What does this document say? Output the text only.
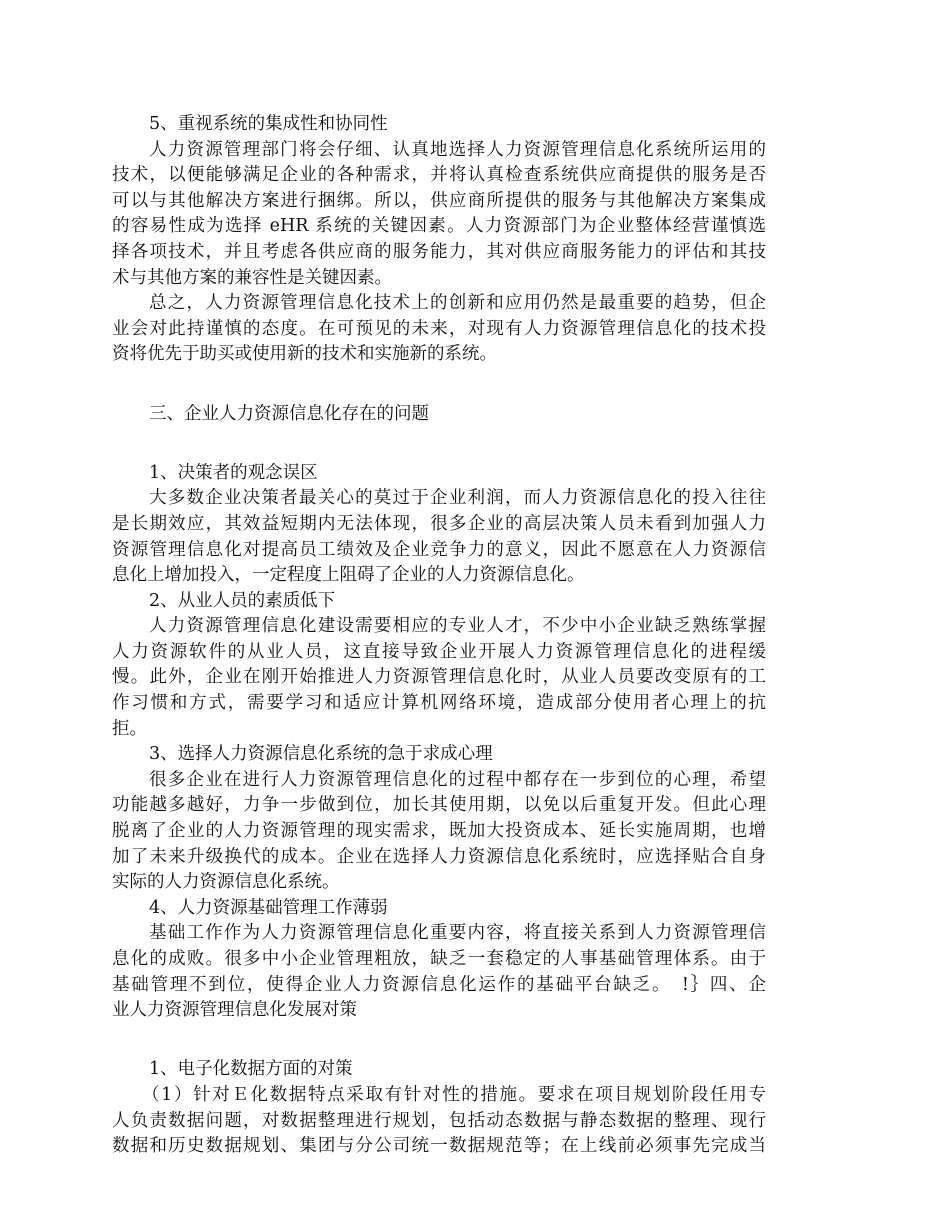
5、重视系统的集成性和协同性
人力资源管理部门将会仔细、认真地选择人力资源管理信息化系统所运用的
技术，以便能够满足企业的各种需求，并将认真检查系统供应商提供的服务是否
可以与其他解决方案进行捆绑。所以，供应商所提供的服务与其他解决方案集成
的容易性成为选择 eHR 系统的关键因素。人力资源部门为企业整体经营谨慎选
择各项技术，并且考虑各供应商的服务能力，其对供应商服务能力的评估和其技
术与其他方案的兼容性是关键因素。
总之，人力资源管理信息化技术上的创新和应用仍然是最重要的趋势，但企
业会对此持谨慎的态度。在可预见的未来，对现有人力资源管理信息化的技术投
资将优先于助买或使用新的技术和实施新的系统。
三、企业人力资源信息化存在的问题
1、决策者的观念误区
大多数企业决策者最关心的莫过于企业利润，而人力资源信息化的投入往往
是长期效应，其效益短期内无法体现，很多企业的高层决策人员未看到加强人力
资源管理信息化对提高员工绩效及企业竞争力的意义，因此不愿意在人力资源信
息化上增加投入，一定程度上阻碍了企业的人力资源信息化。
2、从业人员的素质低下
人力资源管理信息化建设需要相应的专业人才，不少中小企业缺乏熟练掌握
人力资源软件的从业人员，这直接导致企业开展人力资源管理信息化的进程缓
慢。此外，企业在刚开始推进人力资源管理信息化时，从业人员要改变原有的工
作习惯和方式，需要学习和适应计算机网络环境，造成部分使用者心理上的抗
拒。
3、选择人力资源信息化系统的急于求成心理
很多企业在进行人力资源管理信息化的过程中都存在一步到位的心理，希望
功能越多越好，力争一步做到位，加长其使用期，以免以后重复开发。但此心理
脱离了企业的人力资源管理的现实需求，既加大投资成本、延长实施周期，也增
加了未来升级换代的成本。企业在选择人力资源信息化系统时，应选择贴合自身
实际的人力资源信息化系统。
4、人力资源基础管理工作薄弱
基础工作作为人力资源管理信息化重要内容，将直接关系到人力资源管理信
息化的成败。很多中小企业管理粗放，缺乏一套稳定的人事基础管理体系。由于
基础管理不到位，使得企业人力资源信息化运作的基础平台缺乏。　!｝四、企
业人力资源管理信息化发展对策
1、电子化数据方面的对策
（1）针对Ｅ化数据特点采取有针对性的措施。要求在项目规划阶段任用专
人负责数据问题，对数据整理进行规划，包括动态数据与静态数据的整理、现行
数据和历史数据规划、集团与分公司统一数据规范等；在上线前必须事先完成当
